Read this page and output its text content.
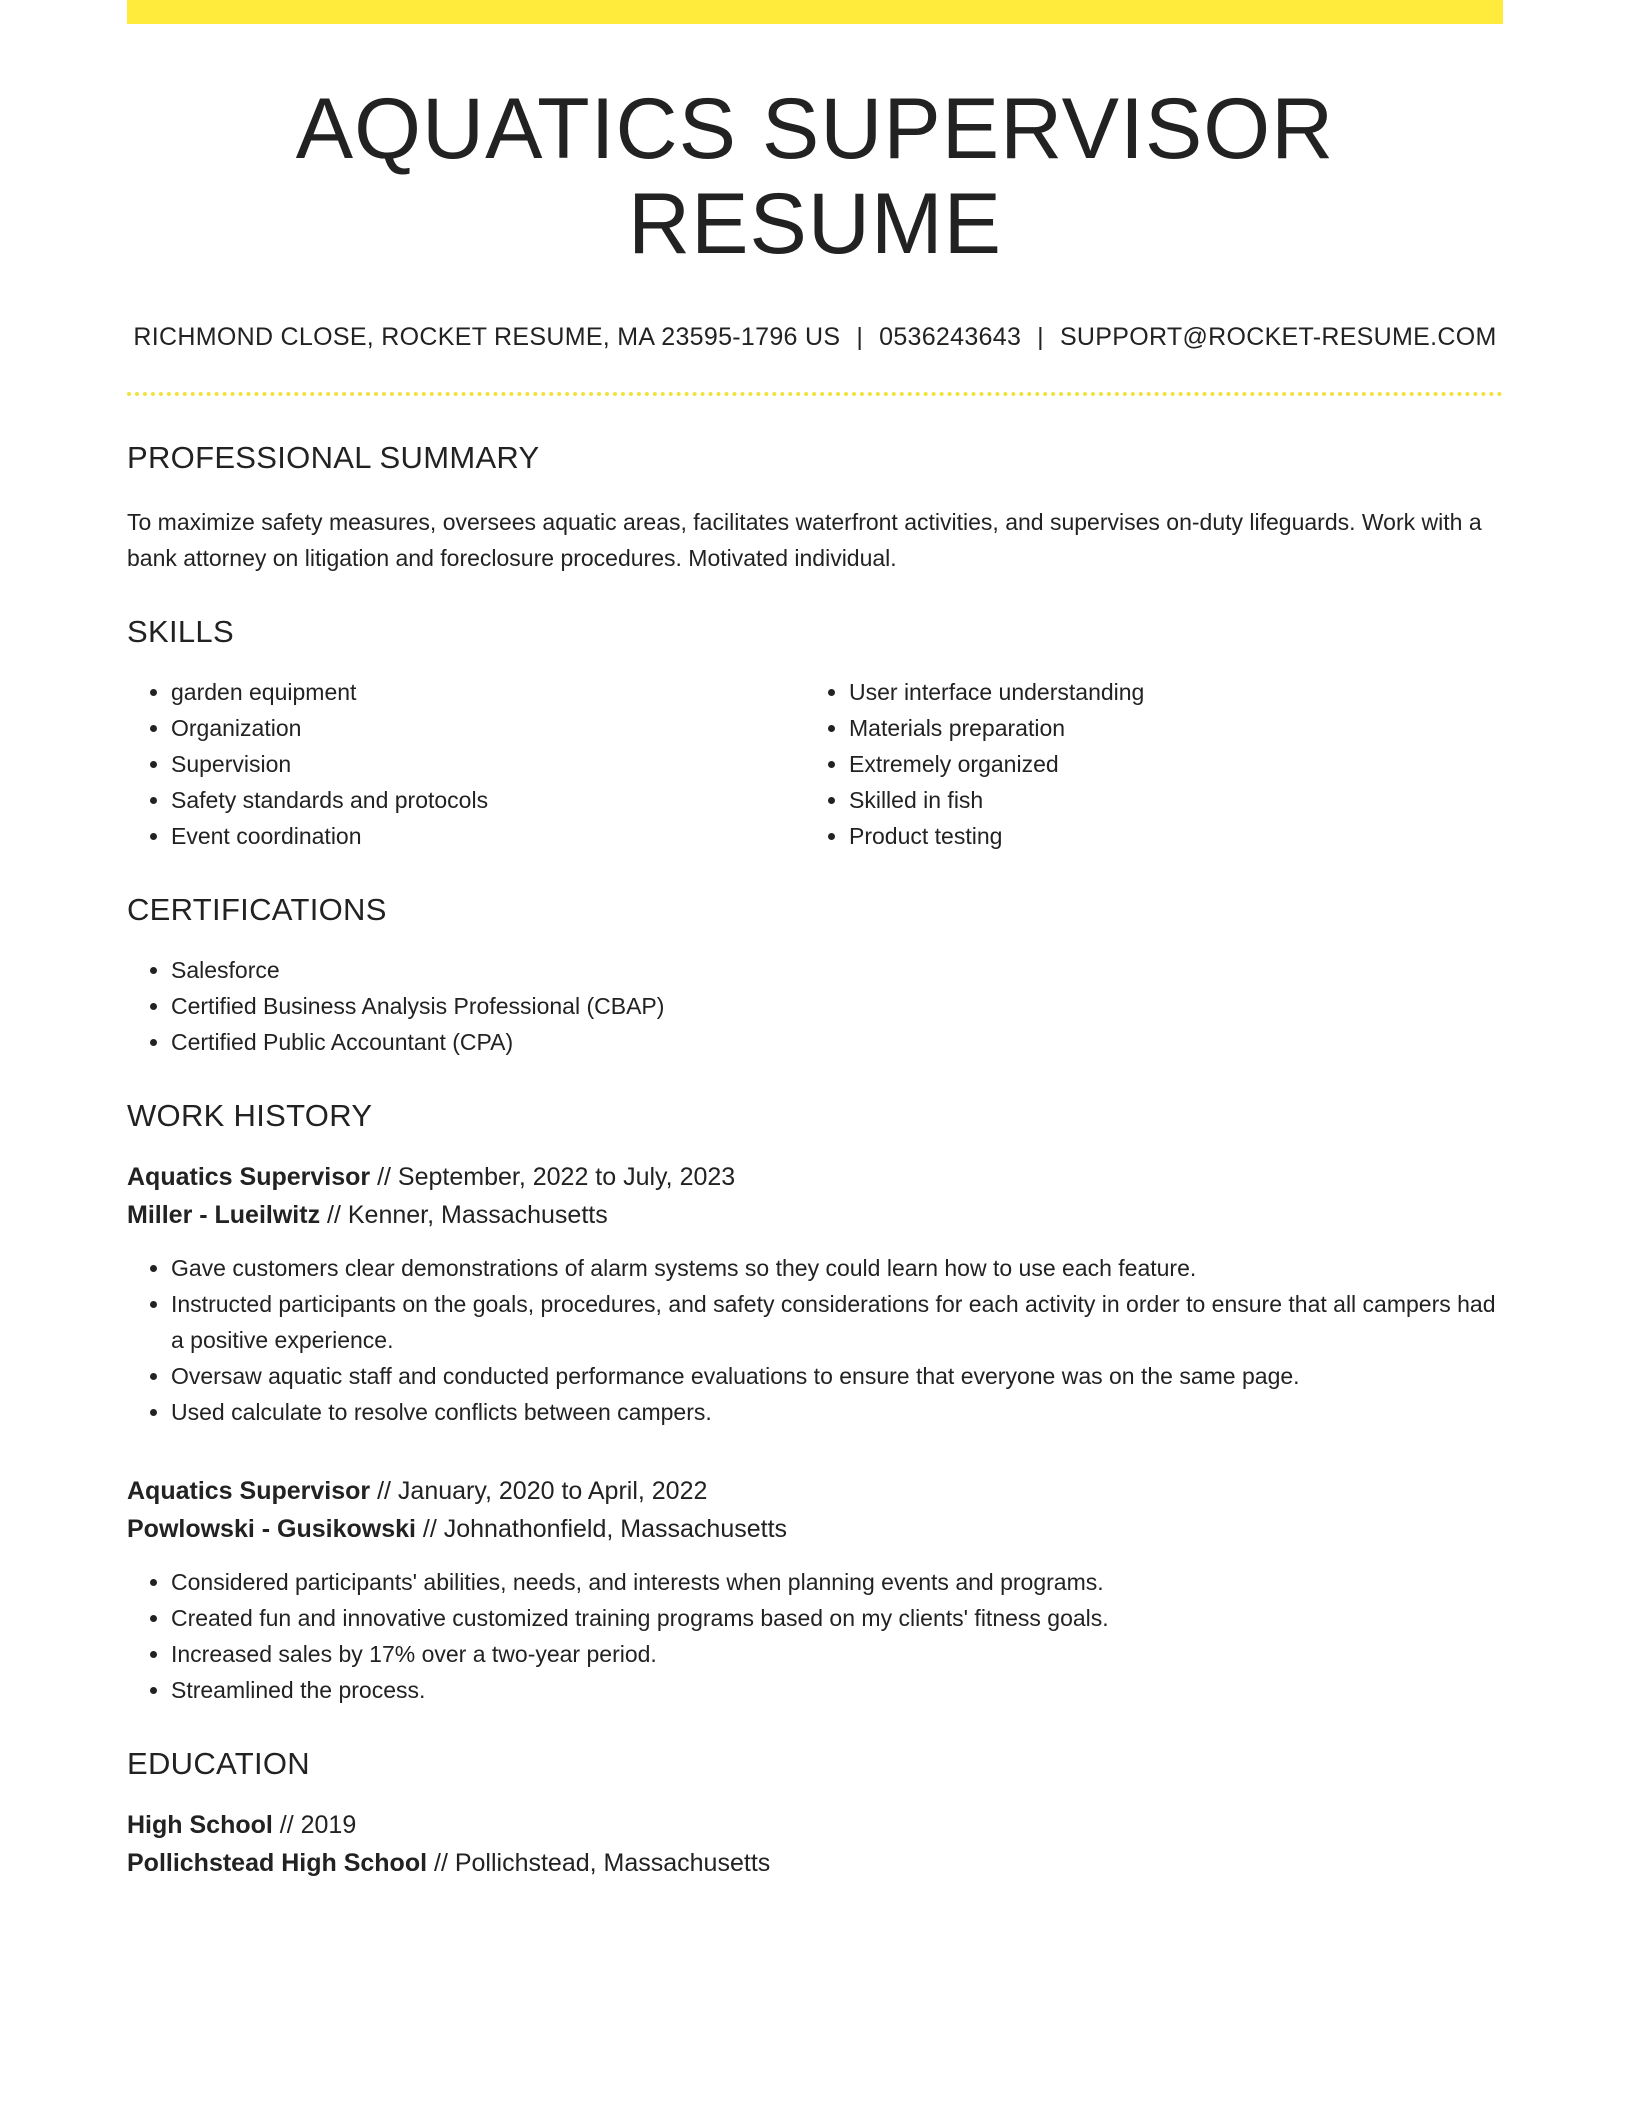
AQUATICS SUPERVISOR RESUME
RICHMOND CLOSE, ROCKET RESUME, MA 23595-1796 US | 0536243643 | SUPPORT@ROCKET-RESUME.COM
PROFESSIONAL SUMMARY
To maximize safety measures, oversees aquatic areas, facilitates waterfront activities, and supervises on-duty lifeguards. Work with a bank attorney on litigation and foreclosure procedures. Motivated individual.
SKILLS
• garden equipment
• Organization
• Supervision
• Safety standards and protocols
• Event coordination
• User interface understanding
• Materials preparation
• Extremely organized
• Skilled in fish
• Product testing
CERTIFICATIONS
• Salesforce
• Certified Business Analysis Professional (CBAP)
• Certified Public Accountant (CPA)
WORK HISTORY
Aquatics Supervisor // September, 2022 to July, 2023
Miller - Lueilwitz // Kenner, Massachusetts
• Gave customers clear demonstrations of alarm systems so they could learn how to use each feature.
• Instructed participants on the goals, procedures, and safety considerations for each activity in order to ensure that all campers had a positive experience.
• Oversaw aquatic staff and conducted performance evaluations to ensure that everyone was on the same page.
• Used calculate to resolve conflicts between campers.
Aquatics Supervisor // January, 2020 to April, 2022
Powlowski - Gusikowski // Johnathonfield, Massachusetts
• Considered participants' abilities, needs, and interests when planning events and programs.
• Created fun and innovative customized training programs based on my clients' fitness goals.
• Increased sales by 17% over a two-year period.
• Streamlined the process.
EDUCATION
High School // 2019
Pollichstead High School // Pollichstead, Massachusetts
